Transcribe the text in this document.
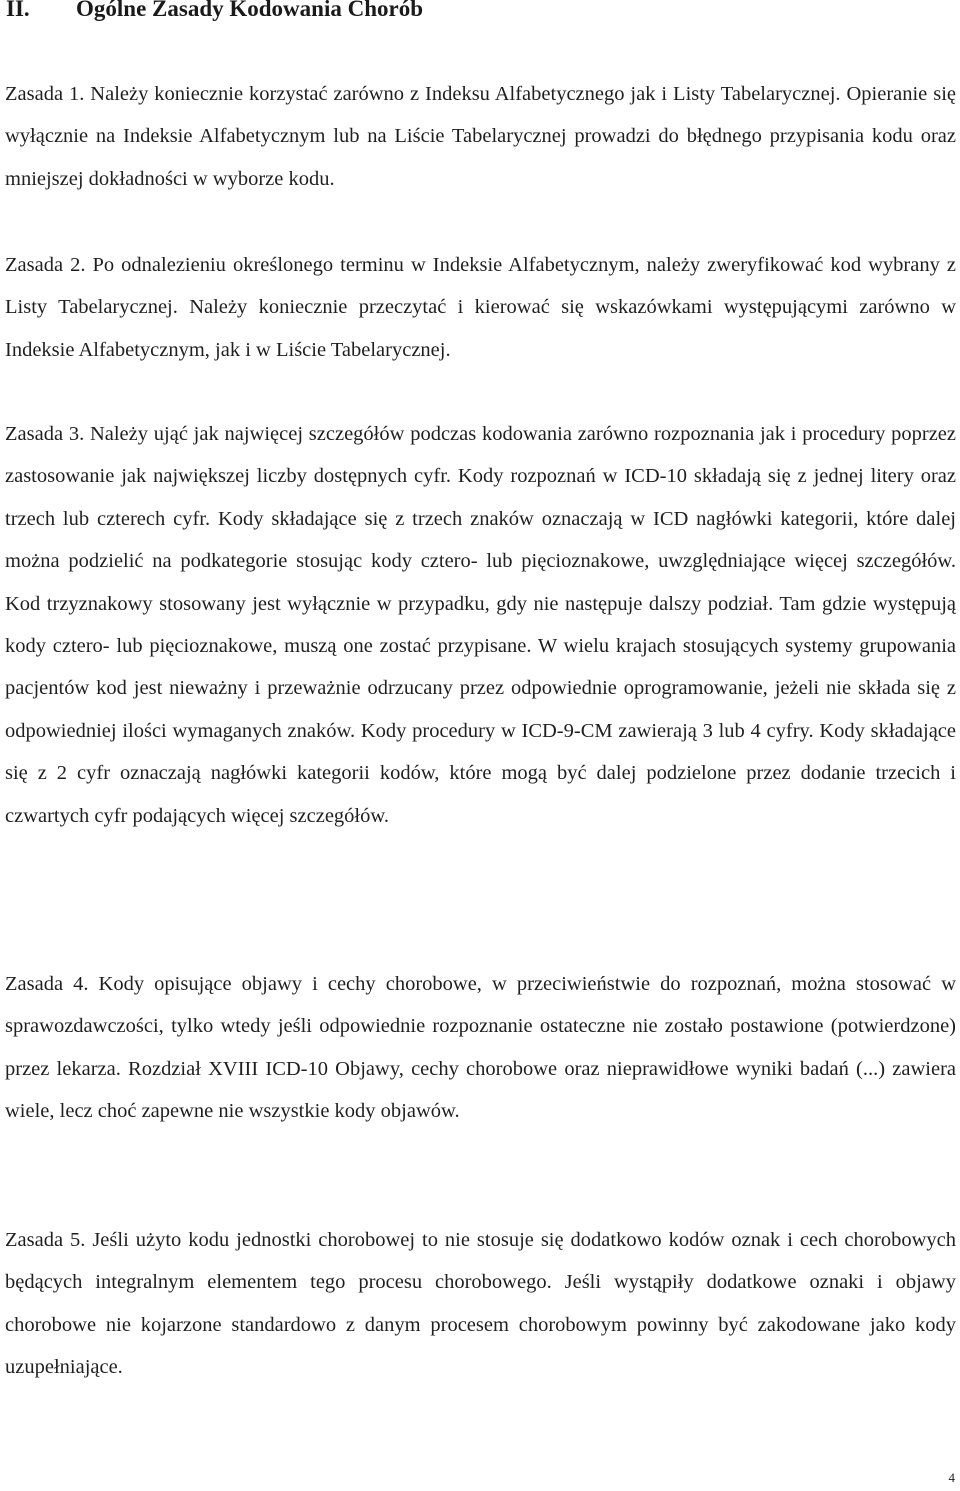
II. Ogólne Zasady Kodowania Chorób

Zasada 1. Należy koniecznie korzystać zarówno z Indeksu Alfabetycznego jak i Listy Tabelarycznej. Opieranie się wyłącznie na Indeksie Alfabetycznym lub na Liście Tabelarycznej prowadzi do błędnego przypisania kodu oraz mniejszej dokładności w wyborze kodu.

Zasada 2. Po odnalezieniu określonego terminu w Indeksie Alfabetycznym, należy zweryfikować kod wybrany z Listy Tabelarycznej. Należy koniecznie przeczytać i kierować się wskazówkami występującymi zarówno w Indeksie Alfabetycznym, jak i w Liście Tabelarycznej.

Zasada 3. Należy ująć jak najwięcej szczegółów podczas kodowania zarówno rozpoznania jak i procedury poprzez zastosowanie jak największej liczby dostępnych cyfr. Kody rozpoznań w ICD-10 składają się z jednej litery oraz trzech lub czterech cyfr. Kody składające się z trzech znaków oznaczają w ICD nagłówki kategorii, które dalej można podzielić na podkategorie stosując kody cztero- lub pięcioznakowe, uwzględniające więcej szczegółów. Kod trzyznakowy stosowany jest wyłącznie w przypadku, gdy nie następuje dalszy podział. Tam gdzie występują kody cztero- lub pięcioznakowe, muszą one zostać przypisane. W wielu krajach stosujących systemy grupowania pacjentów kod jest nieważny i przeważnie odrzucany przez odpowiednie oprogramowanie, jeżeli nie składa się z odpowiedniej ilości wymaganych znaków. Kody procedury w ICD-9-CM zawierają 3 lub 4 cyfry. Kody składające się z 2 cyfr oznaczają nagłówki kategorii kodów, które mogą być dalej podzielone przez dodanie trzecich i czwartych cyfr podających więcej szczegółów.

Zasada 4. Kody opisujące objawy i cechy chorobowe, w przeciwieństwie do rozpoznań, można stosować w sprawozdawczości, tylko wtedy jeśli odpowiednie rozpoznanie ostateczne nie zostało postawione (potwierdzone) przez lekarza. Rozdział XVIII ICD-10 Objawy, cechy chorobowe oraz nieprawidłowe wyniki badań (...) zawiera wiele, lecz choć zapewne nie wszystkie kody objawów.

Zasada 5. Jeśli użyto kodu jednostki chorobowej to nie stosuje się dodatkowo kodów oznak i cech chorobowych będących integralnym elementem tego procesu chorobowego. Jeśli wystąpiły dodatkowe oznaki i objawy chorobowe nie kojarzone standardowo z danym procesem chorobowym powinny być zakodowane jako kody uzupełniające.

4
